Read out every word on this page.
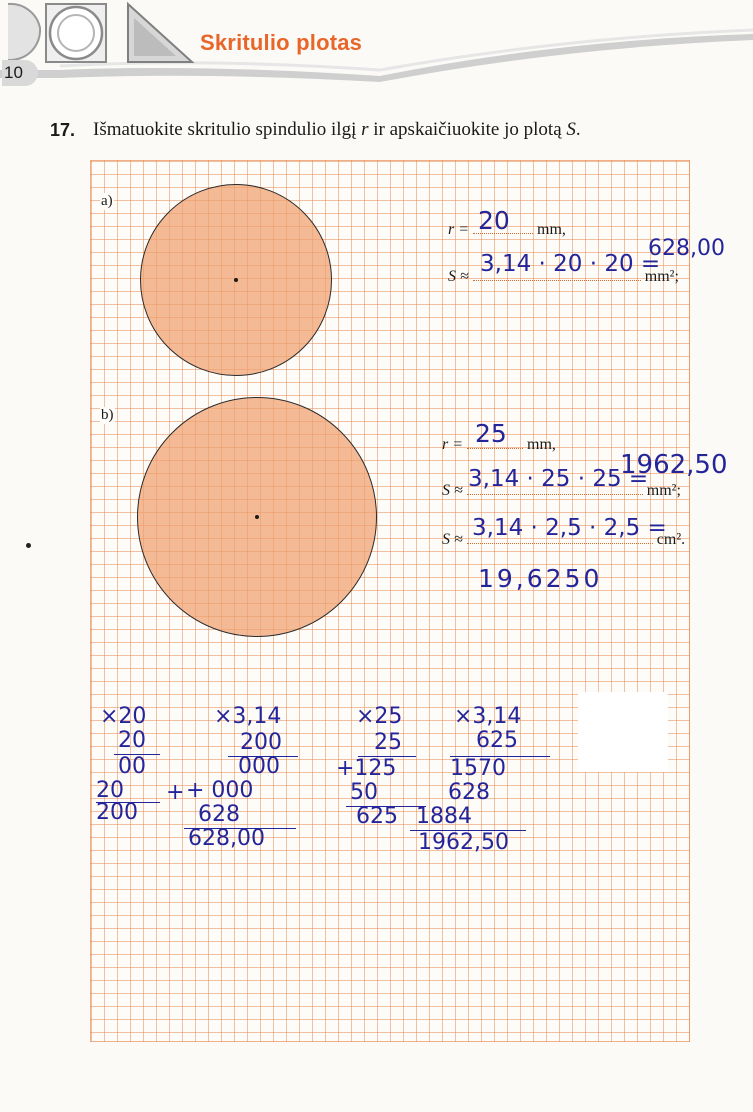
10
Skritulio plotas
17. Išmatuokite skritulio spindulio ilgį r ir apskaičiuokite jo plotą S.
a)
r =	mm,
20
S ≈	mm²;
3,14 · 20 · 20 =
628,00
b)
r =	mm,
25
S ≈	mm²;
3,14 · 25 · 25 =
1962,50
S ≈	cm².
3,14 · 2,5 · 2,5 =
19,6250
×20
20
00
20
200
+
×3,14
200
000
+ 000
628
628,00
×25
25
+125
50
625
×3,14
625
1570
628
1884
1962,50
